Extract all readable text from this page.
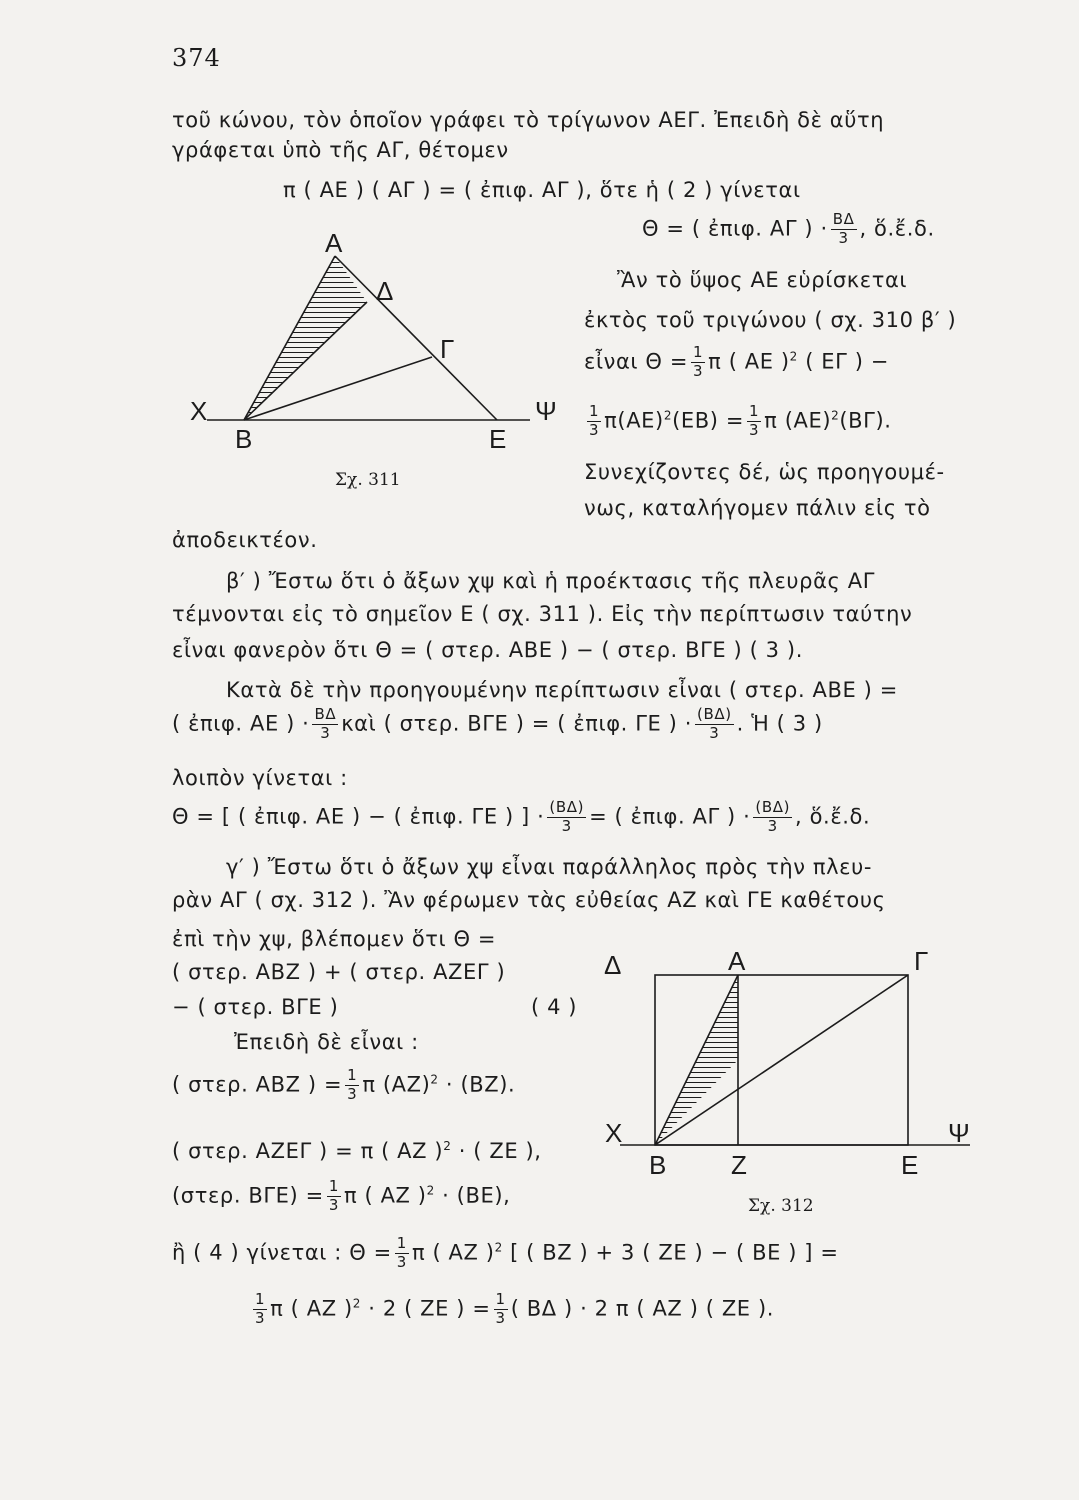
374
τοῦ κώνου, τὸν ὁποῖον γράφει τὸ τρίγωνον ΑΕΓ. Ἐπειδὴ δὲ αὕτη
γράφεται ὑπὸ τῆς ΑΓ, θέτομεν
π ( ΑΕ ) ( ΑΓ ) = ( ἐπιφ. ΑΓ ), ὅτε ἡ ( 2 ) γίνεται
Θ = ( ἐπιφ. ΑΓ ) · $\frac{B\Delta}{3}$ , ὅ.ἔ.δ.
Ἂν τὸ ὕψος ΑΕ εὑρίσκεται
ἐκτὸς τοῦ τριγώνου ( σχ. 310 β′ )
εἶναι $\Theta = \frac{1}{3}$ π ( ΑΕ )$^2$ ( ΕΓ ) −
$\frac{1}{3} \pi(AE)^2(EB) = \frac{1}{3}$ π $(AE)^2(B\Gamma)$.
Συνεχίζοντες δέ, ὡς προηγουμέ-
νως, καταλήγομεν πάλιν εἰς τὸ
ἀποδεικτέον.
β′ ) Ἔστω ὅτι ὁ ἄξων χψ καὶ ἡ προέκτασις τῆς πλευρᾶς ΑΓ
τέμνονται εἰς τὸ σημεῖον Ε ( σχ. 311 ). Εἰς τὴν περίπτωσιν ταύτην
εἶναι φανερὸν ὅτι Θ = ( στερ. ΑΒΕ ) − ( στερ. ΒΓΕ ) ( 3 ).
Κατὰ δὲ τὴν προηγουμένην περίπτωσιν εἶναι ( στερ. ΑΒΕ ) =
( ἐπιφ. ΑΕ ) · $\frac{B\Delta}{3}$ καὶ ( στερ. ΒΓΕ ) = ( ἐπιφ. ΓΕ ) · $\frac{(B\Delta)}{3}$ . Ἡ ( 3 )
λοιπὸν γίνεται :
Θ = [ ( ἐπιφ. ΑΕ ) − ( ἐπιφ. ΓΕ ) ] · $\frac{(B\Delta)}{3}$ = ( ἐπιφ. ΑΓ ) · $\frac{(B\Delta)}{3}$ , ὅ.ἔ.δ.
γ′ ) Ἔστω ὅτι ὁ ἄξων χψ εἶναι παράλληλος πρὸς τὴν πλευ-
ρὰν ΑΓ ( σχ. 312 ). Ἂν φέρωμεν τὰς εὐθείας ΑΖ καὶ ΓΕ καθέτους
ἐπὶ τὴν χψ, βλέπομεν ὅτι Θ =
( στερ. ΑΒΖ ) + ( στερ. ΑΖΕΓ )
− ( στερ. ΒΓΕ )	( 4 )
Ἐπειδὴ δὲ εἶναι :
( στερ. ΑΒΖ ) = $\frac{1}{3}$ π $(AZ)^2 \cdot (BZ)$.
( στερ. ΑΖΕΓ ) = π ( ΑΖ )$^2$ · ( ΖΕ ),
(στερ. $B\Gamma E) = \frac{1}{3}$ π ( ΑΖ )$^2$ · (ΒΕ),
ἢ ( 4 ) γίνεται : $\Theta = \frac{1}{3}$ π ( ΑΖ )$^2$ [ ( ΒΖ ) + 3 ( ΖΕ ) − ( ΒΕ ) ] =
$\frac{1}{3}$ π ( ΑΖ )$^2$ · 2 ( ΖΕ ) = $\frac{1}{3}$ ( ΒΔ ) · 2 π ( ΑΖ ) ( ΖΕ ).
Α
Δ
Γ
Χ	Ψ
Β	Ε
Σχ. 311
Δ	Α	Γ
Χ	Ψ
Β Ζ	Ε
Σχ. 312
